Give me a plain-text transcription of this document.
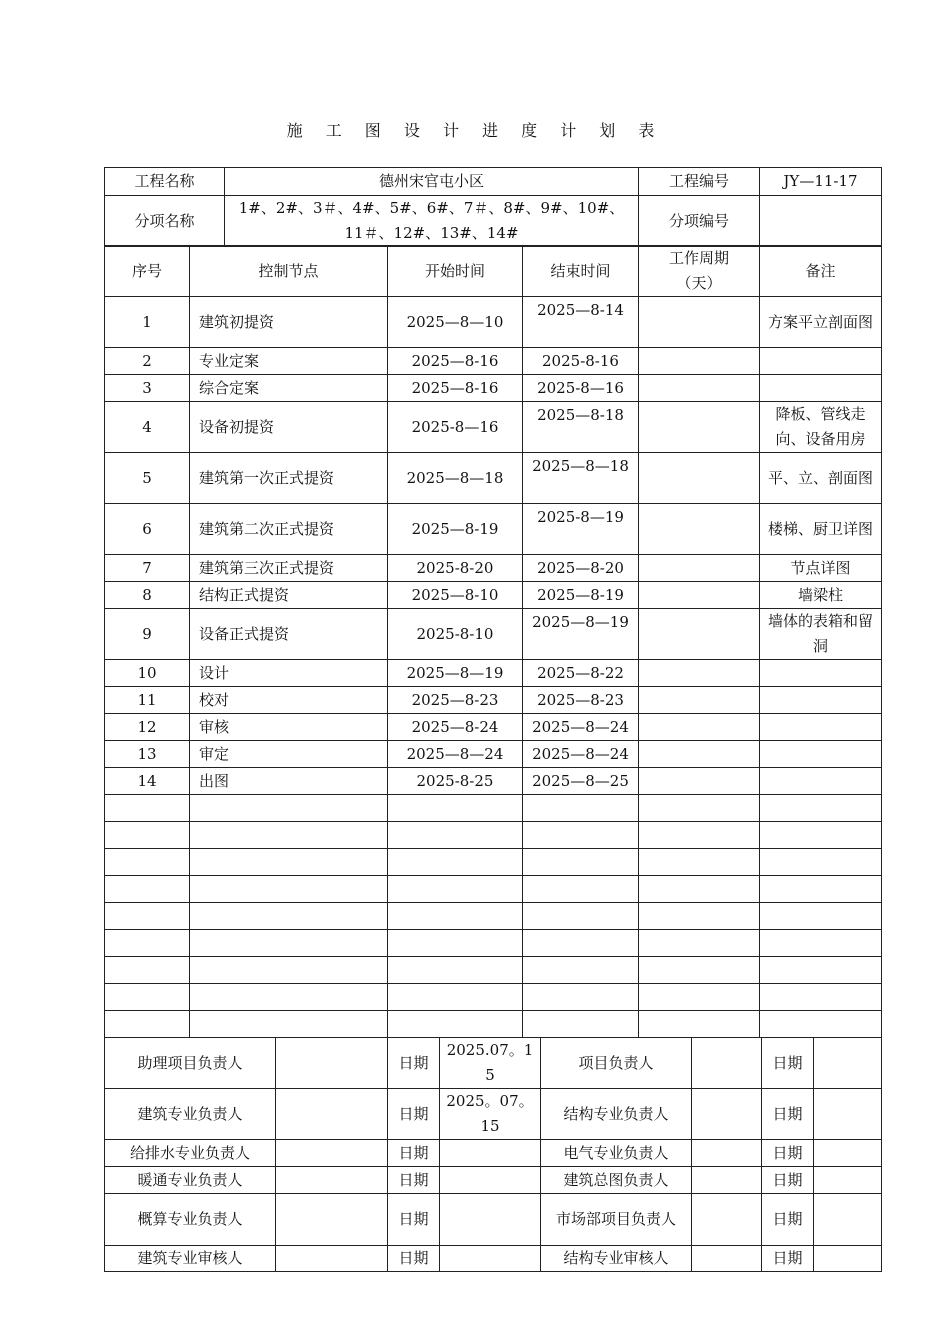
施 工 图 设 计 进 度 计 划 表
工程名称	德州宋官屯小区	工程编号	JY—11-17
分项名称	1#、2#、3＃、4#、5#、6#、7＃、8#、9#、10#、11＃、12#、13#、14#	分项编号	
序号	控制节点	开始时间	结束时间	工作周期（天）	备注
1	建筑初提资	2025—8—10	2025—8-14		方案平立剖面图
2	专业定案	2025—8-16	2025-8-16		
3	综合定案	2025—8-16	2025-8—16		
4	设备初提资	2025-8—16	2025—8-18		降板、管线走向、设备用房
5	建筑第一次正式提资	2025—8—18	2025—8—18		平、立、剖面图
6	建筑第二次正式提资	2025—8-19	2025-8—19		楼梯、厨卫详图
7	建筑第三次正式提资	2025-8-20	2025—8-20		节点详图
8	结构正式提资	2025—8-10	2025—8-19		墙梁柱
9	设备正式提资	2025-8-10	2025—8—19		墙体的表箱和留洞
10	设计	2025—8—19	2025—8-22		
11	校对	2025—8-23	2025—8-23		
12	审核	2025—8-24	2025—8—24		
13	审定	2025—8—24	2025—8—24		
14	出图	2025-8-25	2025—8—25		

助理项目负责人		日期	2025.07。15	项目负责人		日期	
建筑专业负责人		日期	2025。07。15	结构专业负责人		日期	
给排水专业负责人		日期		电气专业负责人		日期	
暖通专业负责人		日期		建筑总图负责人		日期	
概算专业负责人		日期		市场部项目负责人		日期	
建筑专业审核人		日期		结构专业审核人		日期	
